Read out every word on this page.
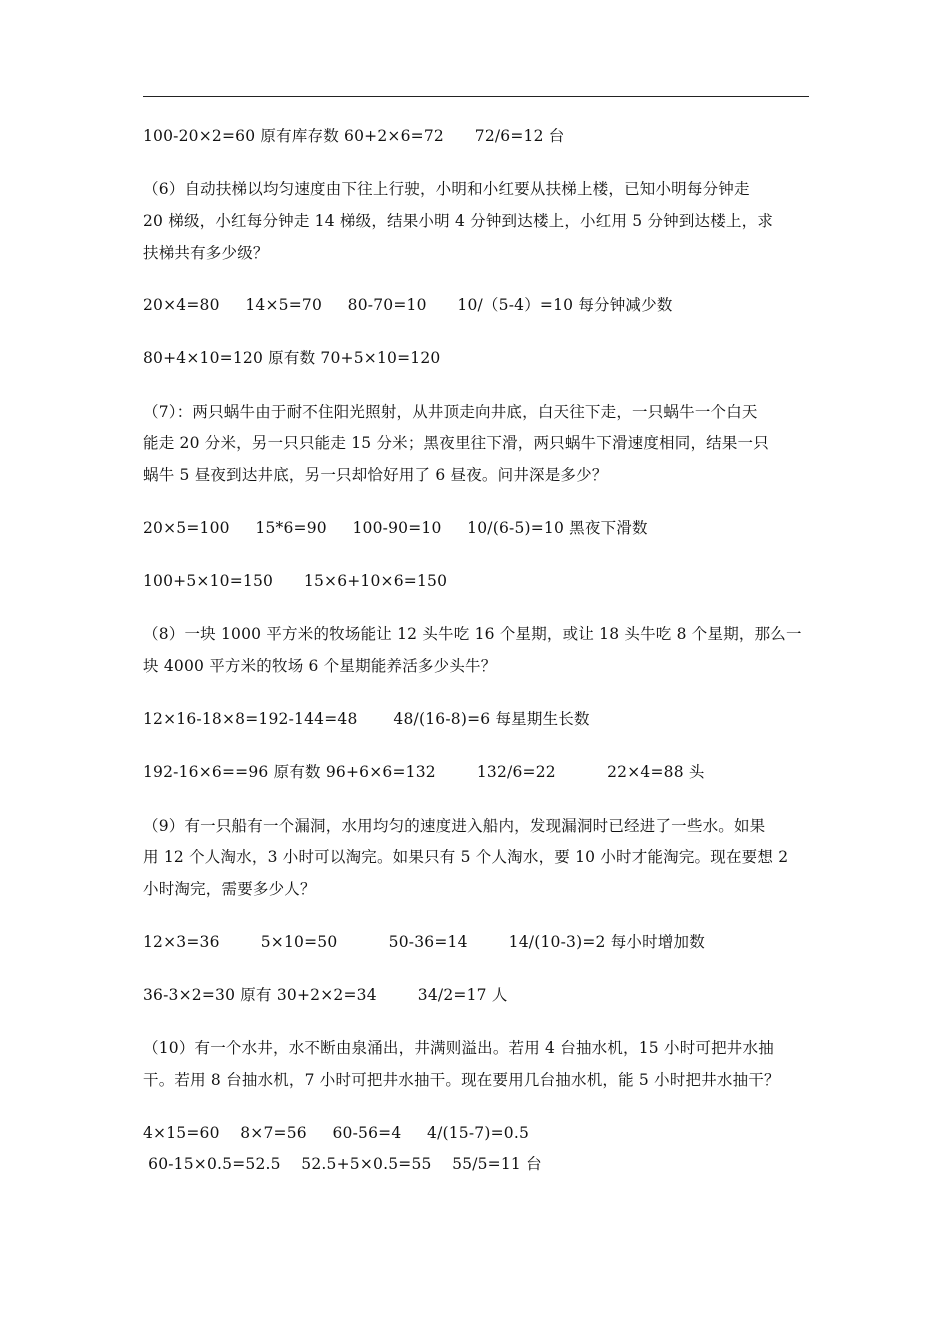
100-20×2=60 原有库存数 60+2×6=72      72/6=12 台
（6）自动扶梯以均匀速度由下往上行驶，小明和小红要从扶梯上楼，已知小明每分钟走
20 梯级，小红每分钟走 14 梯级，结果小明 4 分钟到达楼上，小红用 5 分钟到达楼上，求
扶梯共有多少级？
20×4=80     14×5=70     80-70=10      10/（5-4）=10 每分钟减少数
80+4×10=120 原有数 70+5×10=120
（7）：两只蜗牛由于耐不住阳光照射，从井顶走向井底，白天往下走，一只蜗牛一个白天
能走 20 分米，另一只只能走 15 分米；黑夜里往下滑，两只蜗牛下滑速度相同，结果一只
蜗牛 5 昼夜到达井底，另一只却恰好用了 6 昼夜。问井深是多少？
20×5=100     15*6=90     100-90=10     10/(6-5)=10 黑夜下滑数
100+5×10=150      15×6+10×6=150
（8）一块 1000 平方米的牧场能让 12 头牛吃 16 个星期，或让 18 头牛吃 8 个星期，那么一
块 4000 平方米的牧场 6 个星期能养活多少头牛？
12×16-18×8=192-144=48       48/(16-8)=6 每星期生长数
192-16×6==96 原有数 96+6×6=132        132/6=22          22×4=88 头
（9）有一只船有一个漏洞，水用均匀的速度进入船内，发现漏洞时已经进了一些水。如果
用 12 个人淘水，3 小时可以淘完。如果只有 5 个人淘水，要 10 小时才能淘完。现在要想 2
小时淘完，需要多少人？
12×3=36        5×10=50          50-36=14        14/(10-3)=2 每小时增加数
36-3×2=30 原有 30+2×2=34        34/2=17 人
（10）有一个水井，水不断由泉涌出，井满则溢出。若用 4 台抽水机，15 小时可把井水抽
干。若用 8 台抽水机，7 小时可把井水抽干。现在要用几台抽水机，能 5 小时把井水抽干？
4×15=60    8×7=56     60-56=4     4/(15-7)=0.5
60-15×0.5=52.5    52.5+5×0.5=55    55/5=11 台
